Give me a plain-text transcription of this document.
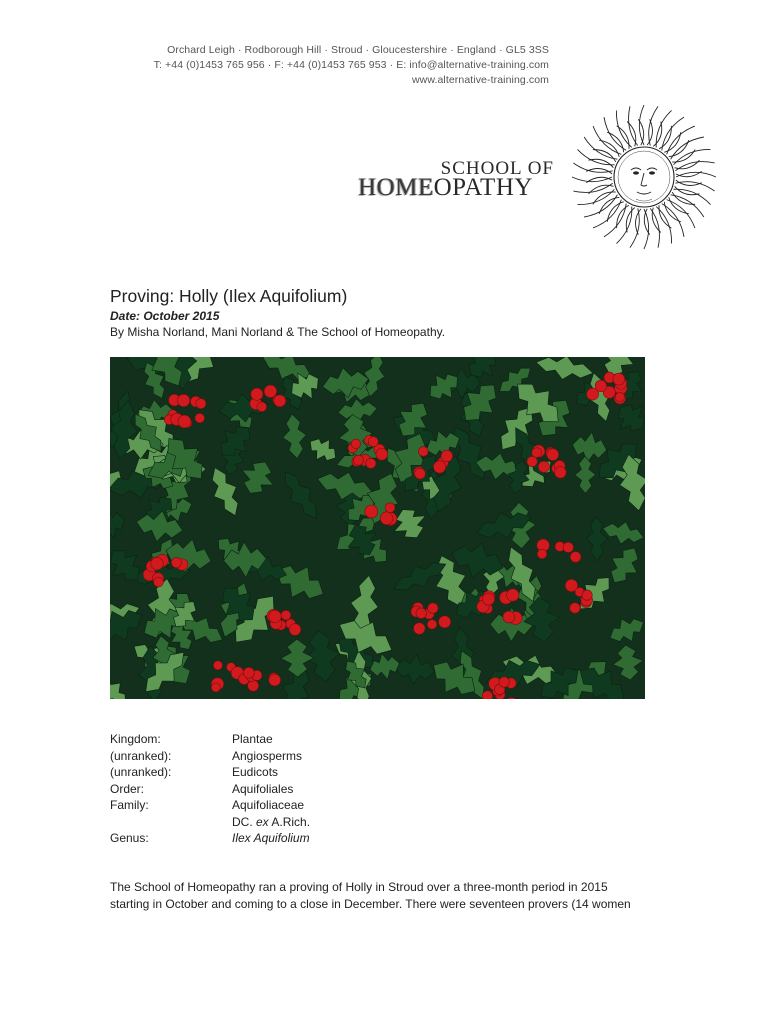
Orchard Leigh · Rodborough Hill · Stroud · Gloucestershire · England · GL5 3SS
T: +44 (0)1453 765 956 · F: +44 (0)1453 765 953 · E: info@alternative-training.com
www.alternative-training.com
SCHOOL OF
HOMEOPATHY
Proving: Holly (Ilex Aquifolium)
Date: October 2015
By Misha Norland, Mani Norland & The School of Homeopathy.
Kingdom:	Plantae
(unranked):	Angiosperms
(unranked):	Eudicots
Order:	Aquifoliales
Family:	Aquifoliaceae
DC. ex A.Rich.
Genus:	Ilex Aquifolium
The School of Homeopathy ran a proving of Holly in Stroud over a three-month period in 2015
starting in October and coming to a close in December. There were seventeen provers (14 women
